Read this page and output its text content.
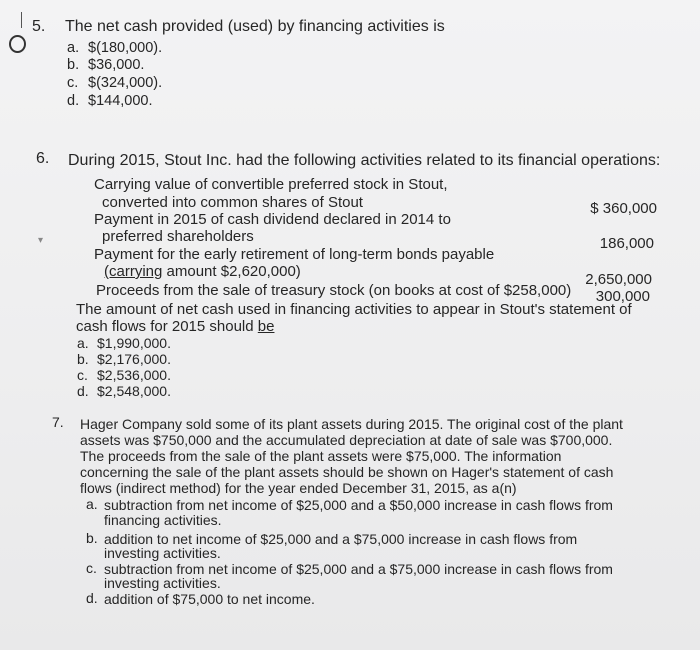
▾
5. The net cash provided (used) by financing activities is
a. $(180,000).
b. $36,000.
c. $(324,000).
d. $144,000.
6. During 2015, Stout Inc. had the following activities related to its financial operations:
Carrying value of convertible preferred stock in Stout,
converted into common shares of Stout	$ 360,000
Payment in 2015 of cash dividend declared in 2014 to
preferred shareholders	186,000
Payment for the early retirement of long-term bonds payable
(carrying amount $2,620,000)	2,650,000
Proceeds from the sale of treasury stock (on books at cost of $258,000) 300,000
The amount of net cash used in financing activities to appear in Stout's statement of
cash flows for 2015 should be
a. $1,990,000.
b. $2,176,000.
c. $2,536,000.
d. $2,548,000.
7. Hager Company sold some of its plant assets during 2015. The original cost of the plant
assets was $750,000 and the accumulated depreciation at date of sale was $700,000.
The proceeds from the sale of the plant assets were $75,000. The information
concerning the sale of the plant assets should be shown on Hager's statement of cash
flows (indirect method) for the year ended December 31, 2015, as a(n)
a. subtraction from net income of $25,000 and a $50,000 increase in cash flows from
financing activities.
b. addition to net income of $25,000 and a $75,000 increase in cash flows from
investing activities.
c. subtraction from net income of $25,000 and a $75,000 increase in cash flows from
investing activities.
d. addition of $75,000 to net income.
